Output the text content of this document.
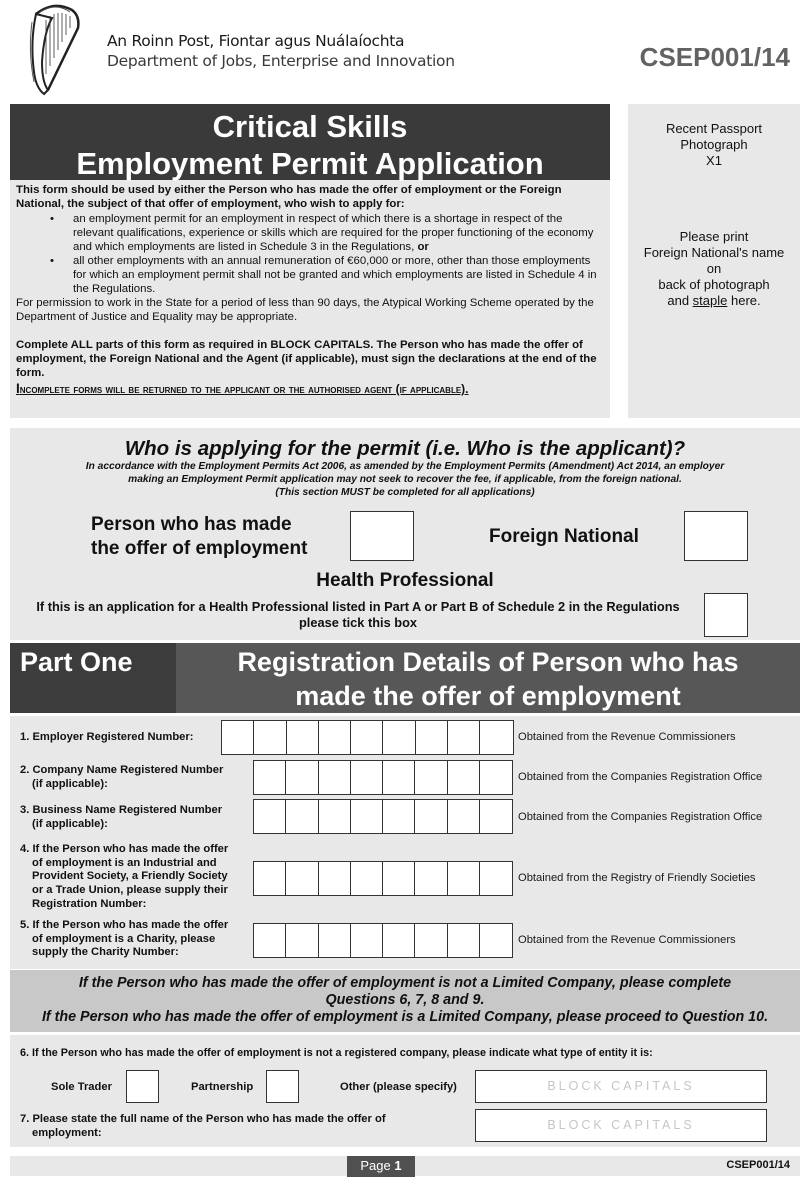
An Roinn Post, Fiontar agus Nuálaíochta
Department of Jobs, Enterprise and Innovation	CSEP001/14
Critical Skills
Employment Permit Application
This form should be used by either the Person who has made the offer of employment or the Foreign National, the subject of that offer of employment, who wish to apply for:
•	an employment permit for an employment in respect of which there is a shortage in respect of the relevant qualifications, experience or skills which are required for the proper functioning of the economy and which employments are listed in Schedule 3 in the Regulations, or
•	all other employments with an annual remuneration of €60,000 or more, other than those employments for which an employment permit shall not be granted and which employments are listed in Schedule 4 in the Regulations.
For permission to work in the State for a period of less than 90 days, the Atypical Working Scheme operated by the Department of Justice and Equality may be appropriate.
Complete ALL parts of this form as required in BLOCK CAPITALS. The Person who has made the offer of employment, the Foreign National and the Agent (if applicable), must sign the declarations at the end of the form.
Incomplete forms will be returned to the applicant or the authorised agent (if applicable).
Recent Passport
Photograph
X1
Please print
Foreign National's name
on
back of photograph
and staple here.
Who is applying for the permit (i.e. Who is the applicant)?
In accordance with the Employment Permits Act 2006, as amended by the Employment Permits (Amendment) Act 2014, an employer
making an Employment Permit application may not seek to recover the fee, if applicable, from the foreign national.
(This section MUST be completed for all applications)
Person who has made
the offer of employment
Foreign National
Health Professional
If this is an application for a Health Professional listed in Part A or Part B of Schedule 2 in the Regulations please tick this box
Part One	Registration Details of Person who has
made the offer of employment
1. Employer Registered Number:	Obtained from the Revenue Commissioners
2. Company Name Registered Number
(if applicable):
Obtained from the Companies Registration Office
3. Business Name Registered Number
(if applicable):
Obtained from the Companies Registration Office
4. If the Person who has made the offer
of employment is an Industrial and
Provident Society, a Friendly Society
or a Trade Union, please supply their
Registration Number:
Obtained from the Registry of Friendly Societies
5. If the Person who has made the offer
of employment is a Charity, please
supply the Charity Number:
Obtained from the Revenue Commissioners
If the Person who has made the offer of employment is not a Limited Company, please complete
Questions 6, 7, 8 and 9.
If the Person who has made the offer of employment is a Limited Company, please proceed to Question 10.
6. If the Person who has made the offer of employment is not a registered company, please indicate what type of entity it is:
Sole Trader	Partnership	Other (please specify)	BLOCK CAPITALS
7. Please state the full name of the Person who has made the offer of
employment:
BLOCK CAPITALS
Page 1	CSEP001/14
